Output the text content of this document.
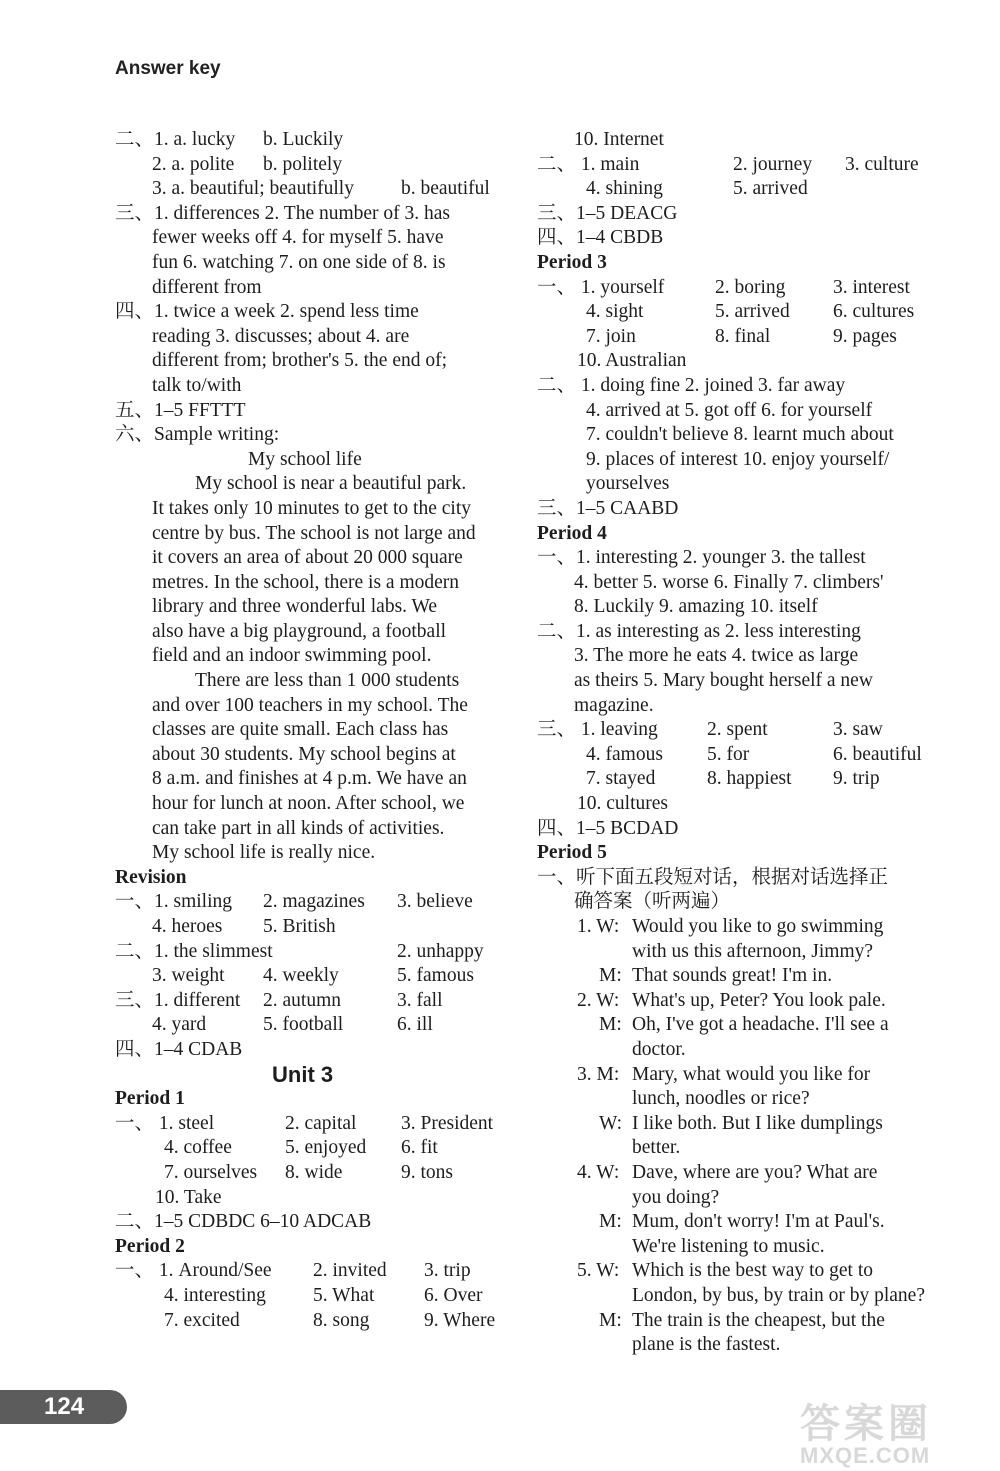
Answer key
二、1. a. lucky b. Luckily
2. a. polite b. politely
3. a. beautiful; beautifully b. beautiful
三、1. differences 2. The number of 3. has
fewer weeks off 4. for myself 5. have
fun 6. watching 7. on one side of 8. is
different from
四、1. twice a week 2. spend less time
reading 3. discusses; about 4. are
different from; brother's 5. the end of;
talk to/with
五、1–5 FFTTT
六、Sample writing:
My school life
My school is near a beautiful park.
It takes only 10 minutes to get to the city
centre by bus. The school is not large and
it covers an area of about 20 000 square
metres. In the school, there is a modern
library and three wonderful labs. We
also have a big playground, a football
field and an indoor swimming pool.
There are less than 1 000 students
and over 100 teachers in my school. The
classes are quite small. Each class has
about 30 students. My school begins at
8 a.m. and finishes at 4 p.m. We have an
hour for lunch at noon. After school, we
can take part in all kinds of activities.
My school life is really nice.
Revision
一、1. smiling 2. magazines 3. believe
4. heroes 5. British
二、1. the slimmest	2. unhappy
3. weight 4. weekly	5. famous
三、1. different 2. autumn	3. fall
4. yard	5. football	6. ill
四、1–4 CDAB
Unit 3
Period 1
一、 1. steel	2. capital 3. President
4. coffee	5. enjoyed 6. fit
7. ourselves 8. wide	9. tons
10. Take
二、1–5 CDBDC 6–10 ADCAB
Period 2
一、 1. Around/See 2. invited 3. trip
4. interesting 5. What	6. Over
7. excited	8. song	9. Where
10. Internet
二、 1. main	2. journey 3. culture
4. shining	5. arrived
三、1–5 DEACG
四、1–4 CBDB
Period 3
一、 1. yourself	2. boring 3. interest
4. sight	5. arrived 6. cultures
7. join	8. final	9. pages
10. Australian
二、 1. doing fine 2. joined 3. far away
4. arrived at 5. got off 6. for yourself
7. couldn't believe 8. learnt much about
9. places of interest 10. enjoy yourself/
yourselves
三、1–5 CAABD
Period 4
一、1. interesting 2. younger 3. the tallest
4. better 5. worse 6. Finally 7. climbers'
8. Luckily 9. amazing 10. itself
二、1. as interesting as 2. less interesting
3. The more he eats 4. twice as large
as theirs 5. Mary bought herself a new
magazine.
三、 1. leaving	2. spent	3. saw
4. famous 5. for	6. beautiful
7. stayed	8. happiest 9. trip
10. cultures
四、1–5 BCDAD
Period 5
一、听下面五段短对话，根据对话选择正
确答案（听两遍）
1. W: Would you like to go swimming
with us this afternoon, Jimmy?
M: That sounds great! I'm in.
2. W: What's up, Peter? You look pale.
M: Oh, I've got a headache. I'll see a
doctor.
3. M: Mary, what would you like for
lunch, noodles or rice?
W: I like both. But I like dumplings
better.
4. W: Dave, where are you? What are
you doing?
M: Mum, don't worry! I'm at Paul's.
We're listening to music.
5. W: Which is the best way to get to
London, by bus, by train or by plane?
M: The train is the cheapest, but the
plane is the fastest.
124	答案圈
MXQE.COM
